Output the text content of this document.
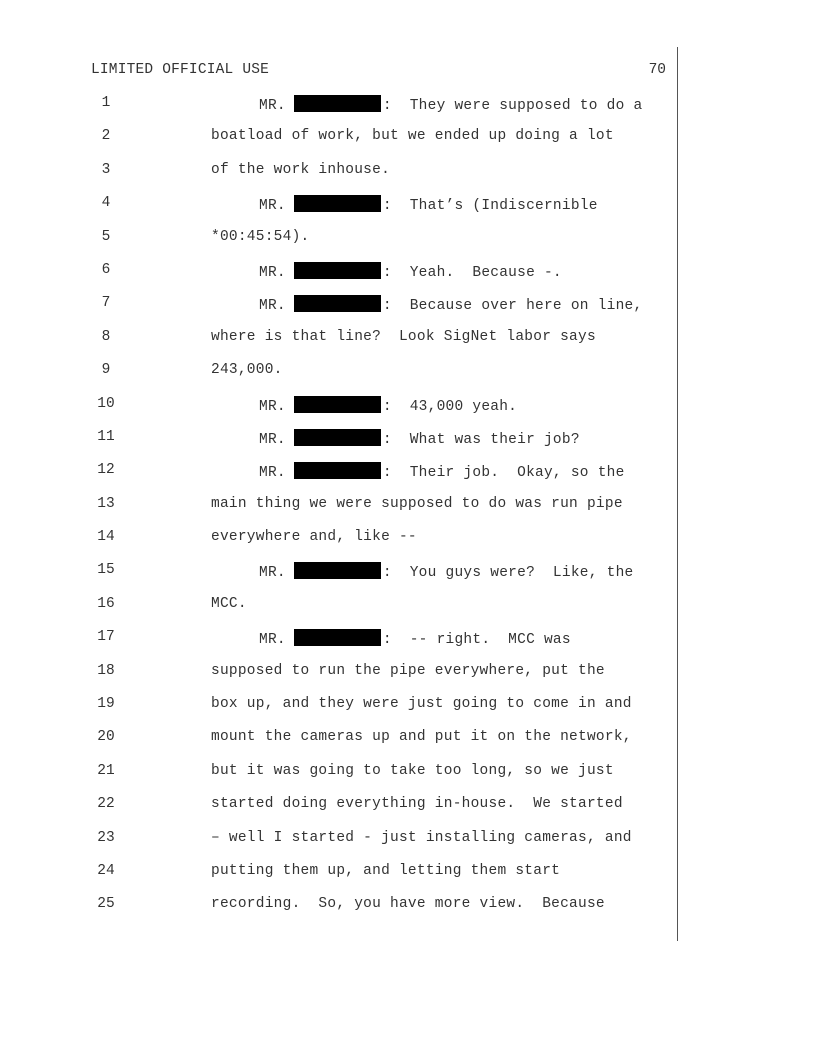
LIMITED OFFICIAL USE	70
1	MR.	:  They were supposed to do a
2	boatload of work, but we ended up doing a lot
3	of the work inhouse.
4	MR.	:  That’s (Indiscernible
5	*00:45:54).
6	MR.	:  Yeah.  Because -.
7	MR.	:  Because over here on line,
8	where is that line?  Look SigNet labor says
9	243,000.
10	MR.	:  43,000 yeah.
11	MR.	:  What was their job?
12	MR.	:  Their job.  Okay, so the
13	main thing we were supposed to do was run pipe
14	everywhere and, like --
15	MR.	:  You guys were?  Like, the
16	MCC.
17	MR.	:  -- right.  MCC was
18	supposed to run the pipe everywhere, put the
19	box up, and they were just going to come in and
20	mount the cameras up and put it on the network,
21	but it was going to take too long, so we just
22	started doing everything in-house.  We started
23	– well I started - just installing cameras, and
24	putting them up, and letting them start
25	recording.  So, you have more view.  Because
